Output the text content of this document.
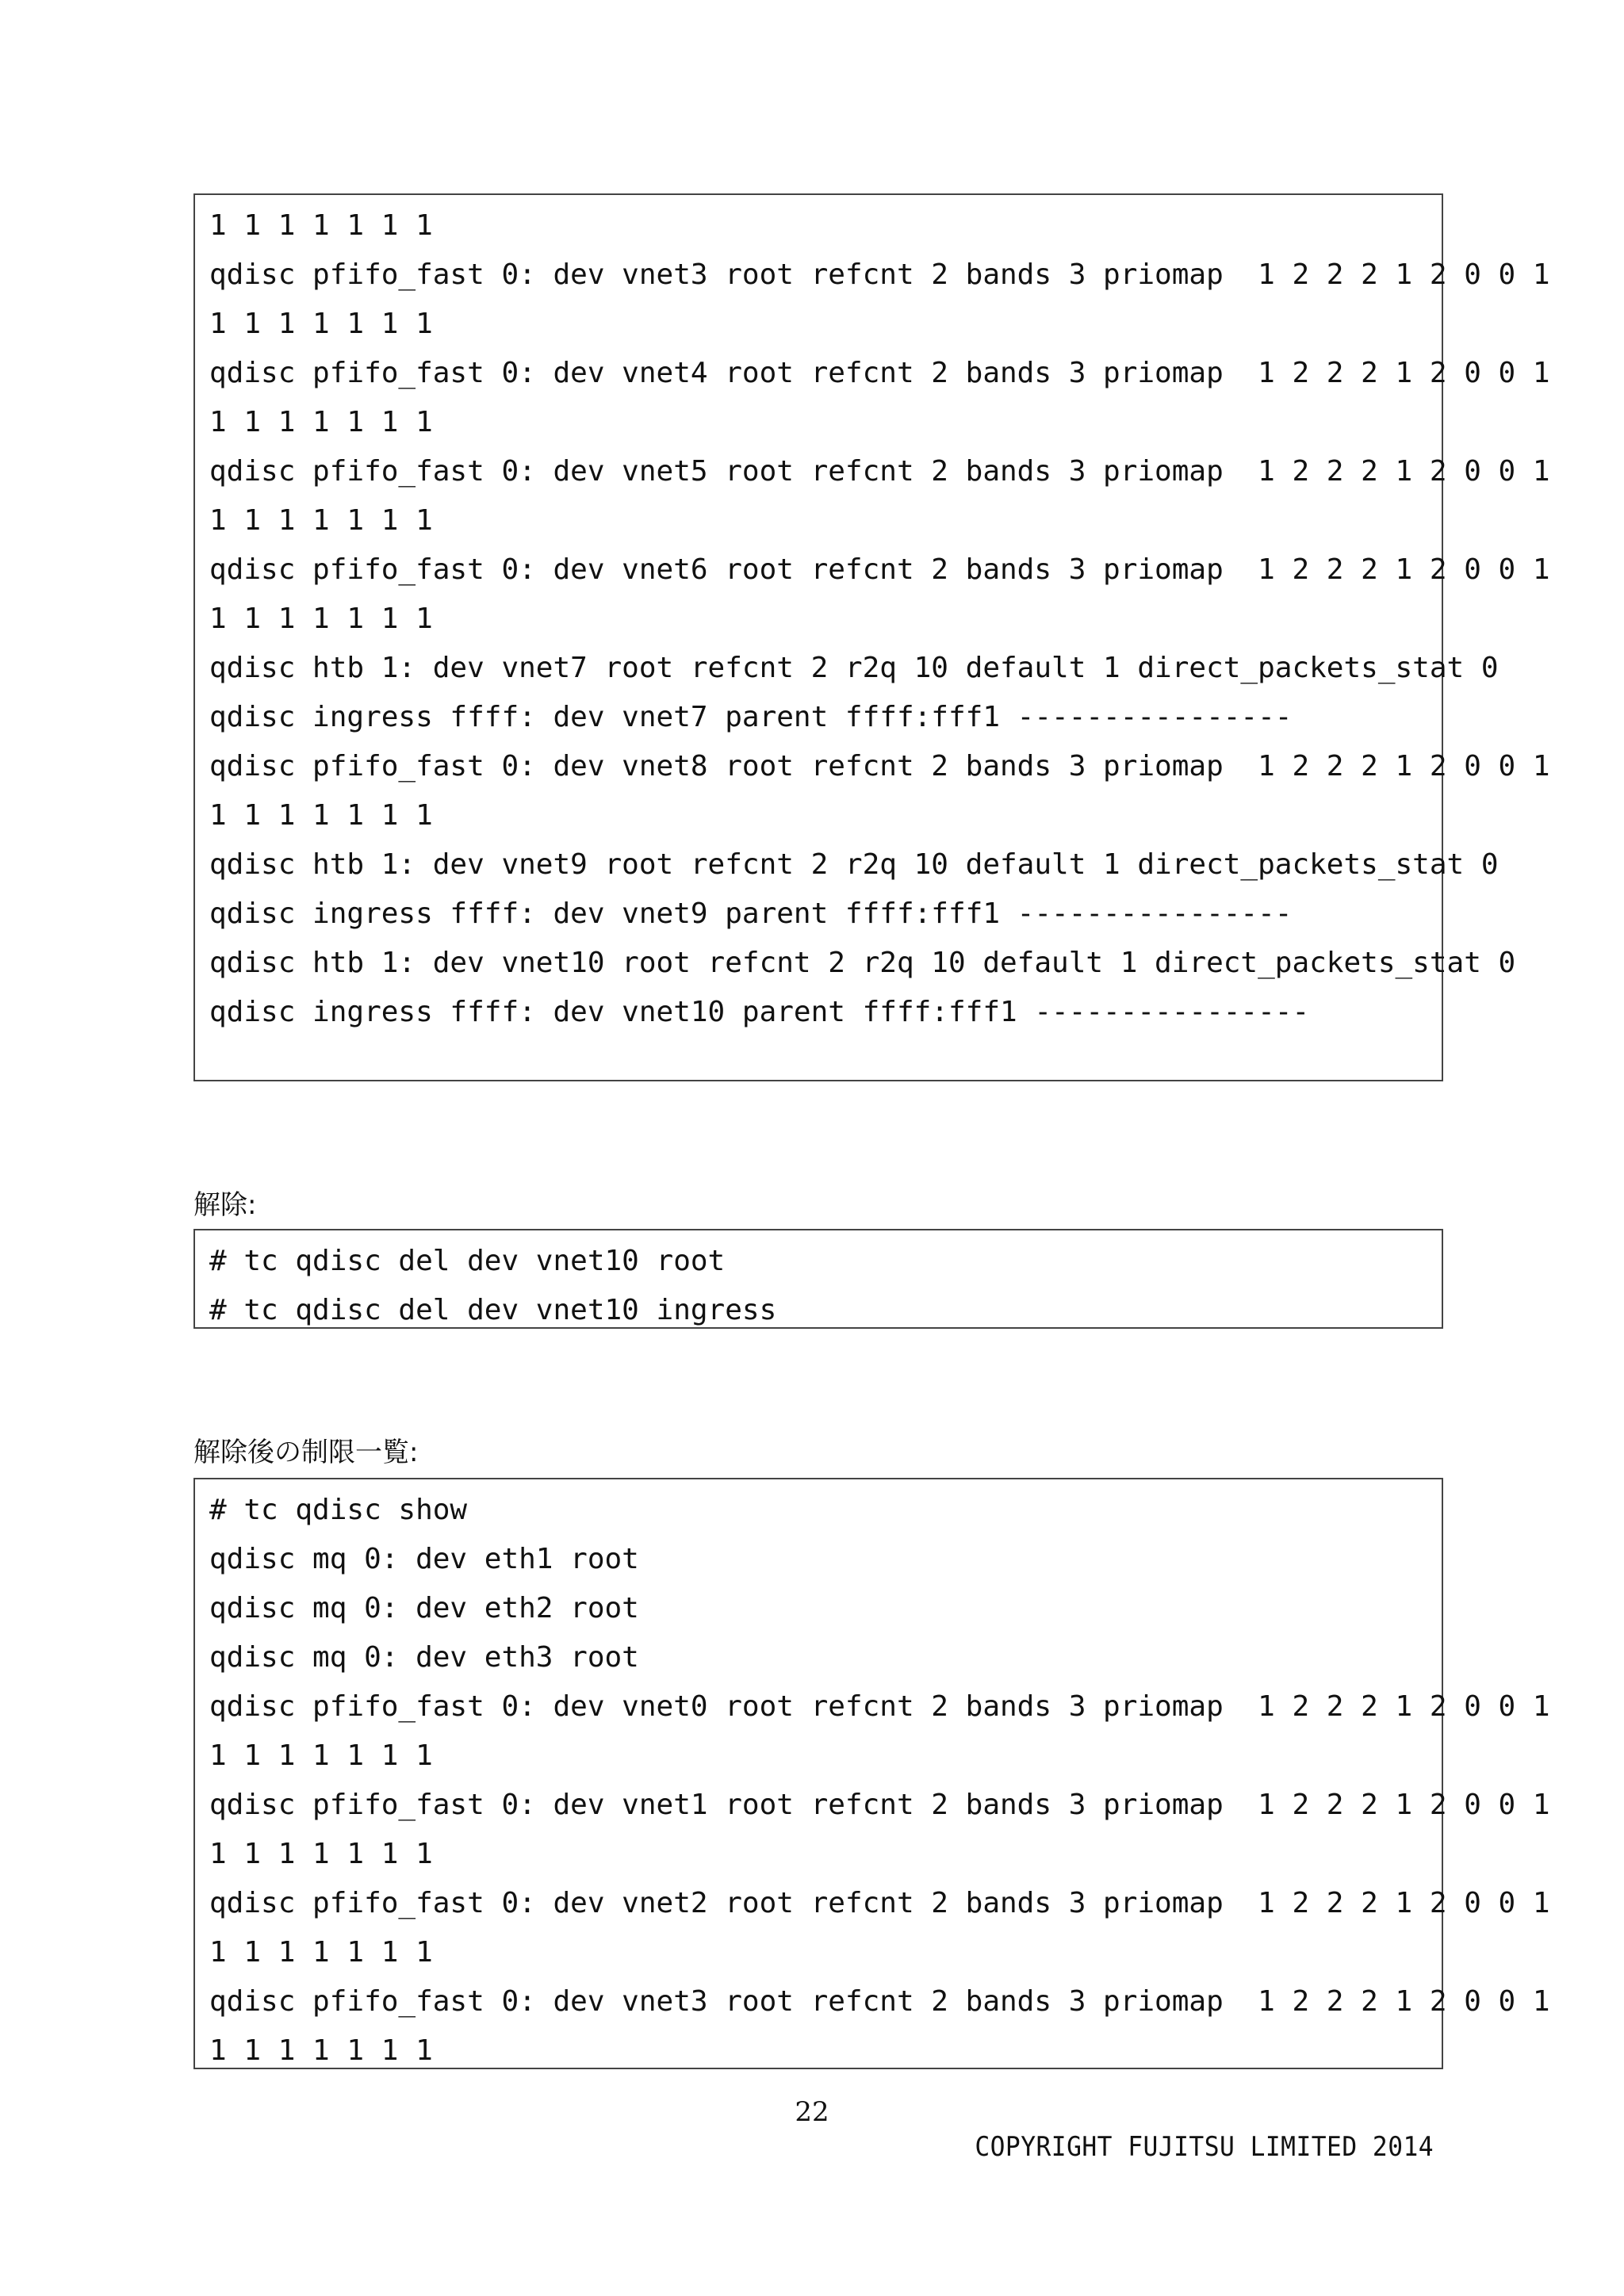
1 1 1 1 1 1 1
qdisc pfifo_fast 0: dev vnet3 root refcnt 2 bands 3 priomap  1 2 2 2 1 2 0 0 1
1 1 1 1 1 1 1
qdisc pfifo_fast 0: dev vnet4 root refcnt 2 bands 3 priomap  1 2 2 2 1 2 0 0 1
1 1 1 1 1 1 1
qdisc pfifo_fast 0: dev vnet5 root refcnt 2 bands 3 priomap  1 2 2 2 1 2 0 0 1
1 1 1 1 1 1 1
qdisc pfifo_fast 0: dev vnet6 root refcnt 2 bands 3 priomap  1 2 2 2 1 2 0 0 1
1 1 1 1 1 1 1
qdisc htb 1: dev vnet7 root refcnt 2 r2q 10 default 1 direct_packets_stat 0
qdisc ingress ffff: dev vnet7 parent ffff:fff1 ----------------
qdisc pfifo_fast 0: dev vnet8 root refcnt 2 bands 3 priomap  1 2 2 2 1 2 0 0 1
1 1 1 1 1 1 1
qdisc htb 1: dev vnet9 root refcnt 2 r2q 10 default 1 direct_packets_stat 0
qdisc ingress ffff: dev vnet9 parent ffff:fff1 ----------------
qdisc htb 1: dev vnet10 root refcnt 2 r2q 10 default 1 direct_packets_stat 0
qdisc ingress ffff: dev vnet10 parent ffff:fff1 ----------------
解除:
# tc qdisc del dev vnet10 root
# tc qdisc del dev vnet10 ingress
解除後の制限一覧:
# tc qdisc show
qdisc mq 0: dev eth1 root
qdisc mq 0: dev eth2 root
qdisc mq 0: dev eth3 root
qdisc pfifo_fast 0: dev vnet0 root refcnt 2 bands 3 priomap  1 2 2 2 1 2 0 0 1
1 1 1 1 1 1 1
qdisc pfifo_fast 0: dev vnet1 root refcnt 2 bands 3 priomap  1 2 2 2 1 2 0 0 1
1 1 1 1 1 1 1
qdisc pfifo_fast 0: dev vnet2 root refcnt 2 bands 3 priomap  1 2 2 2 1 2 0 0 1
1 1 1 1 1 1 1
qdisc pfifo_fast 0: dev vnet3 root refcnt 2 bands 3 priomap  1 2 2 2 1 2 0 0 1
1 1 1 1 1 1 1
22
COPYRIGHT FUJITSU LIMITED 2014
